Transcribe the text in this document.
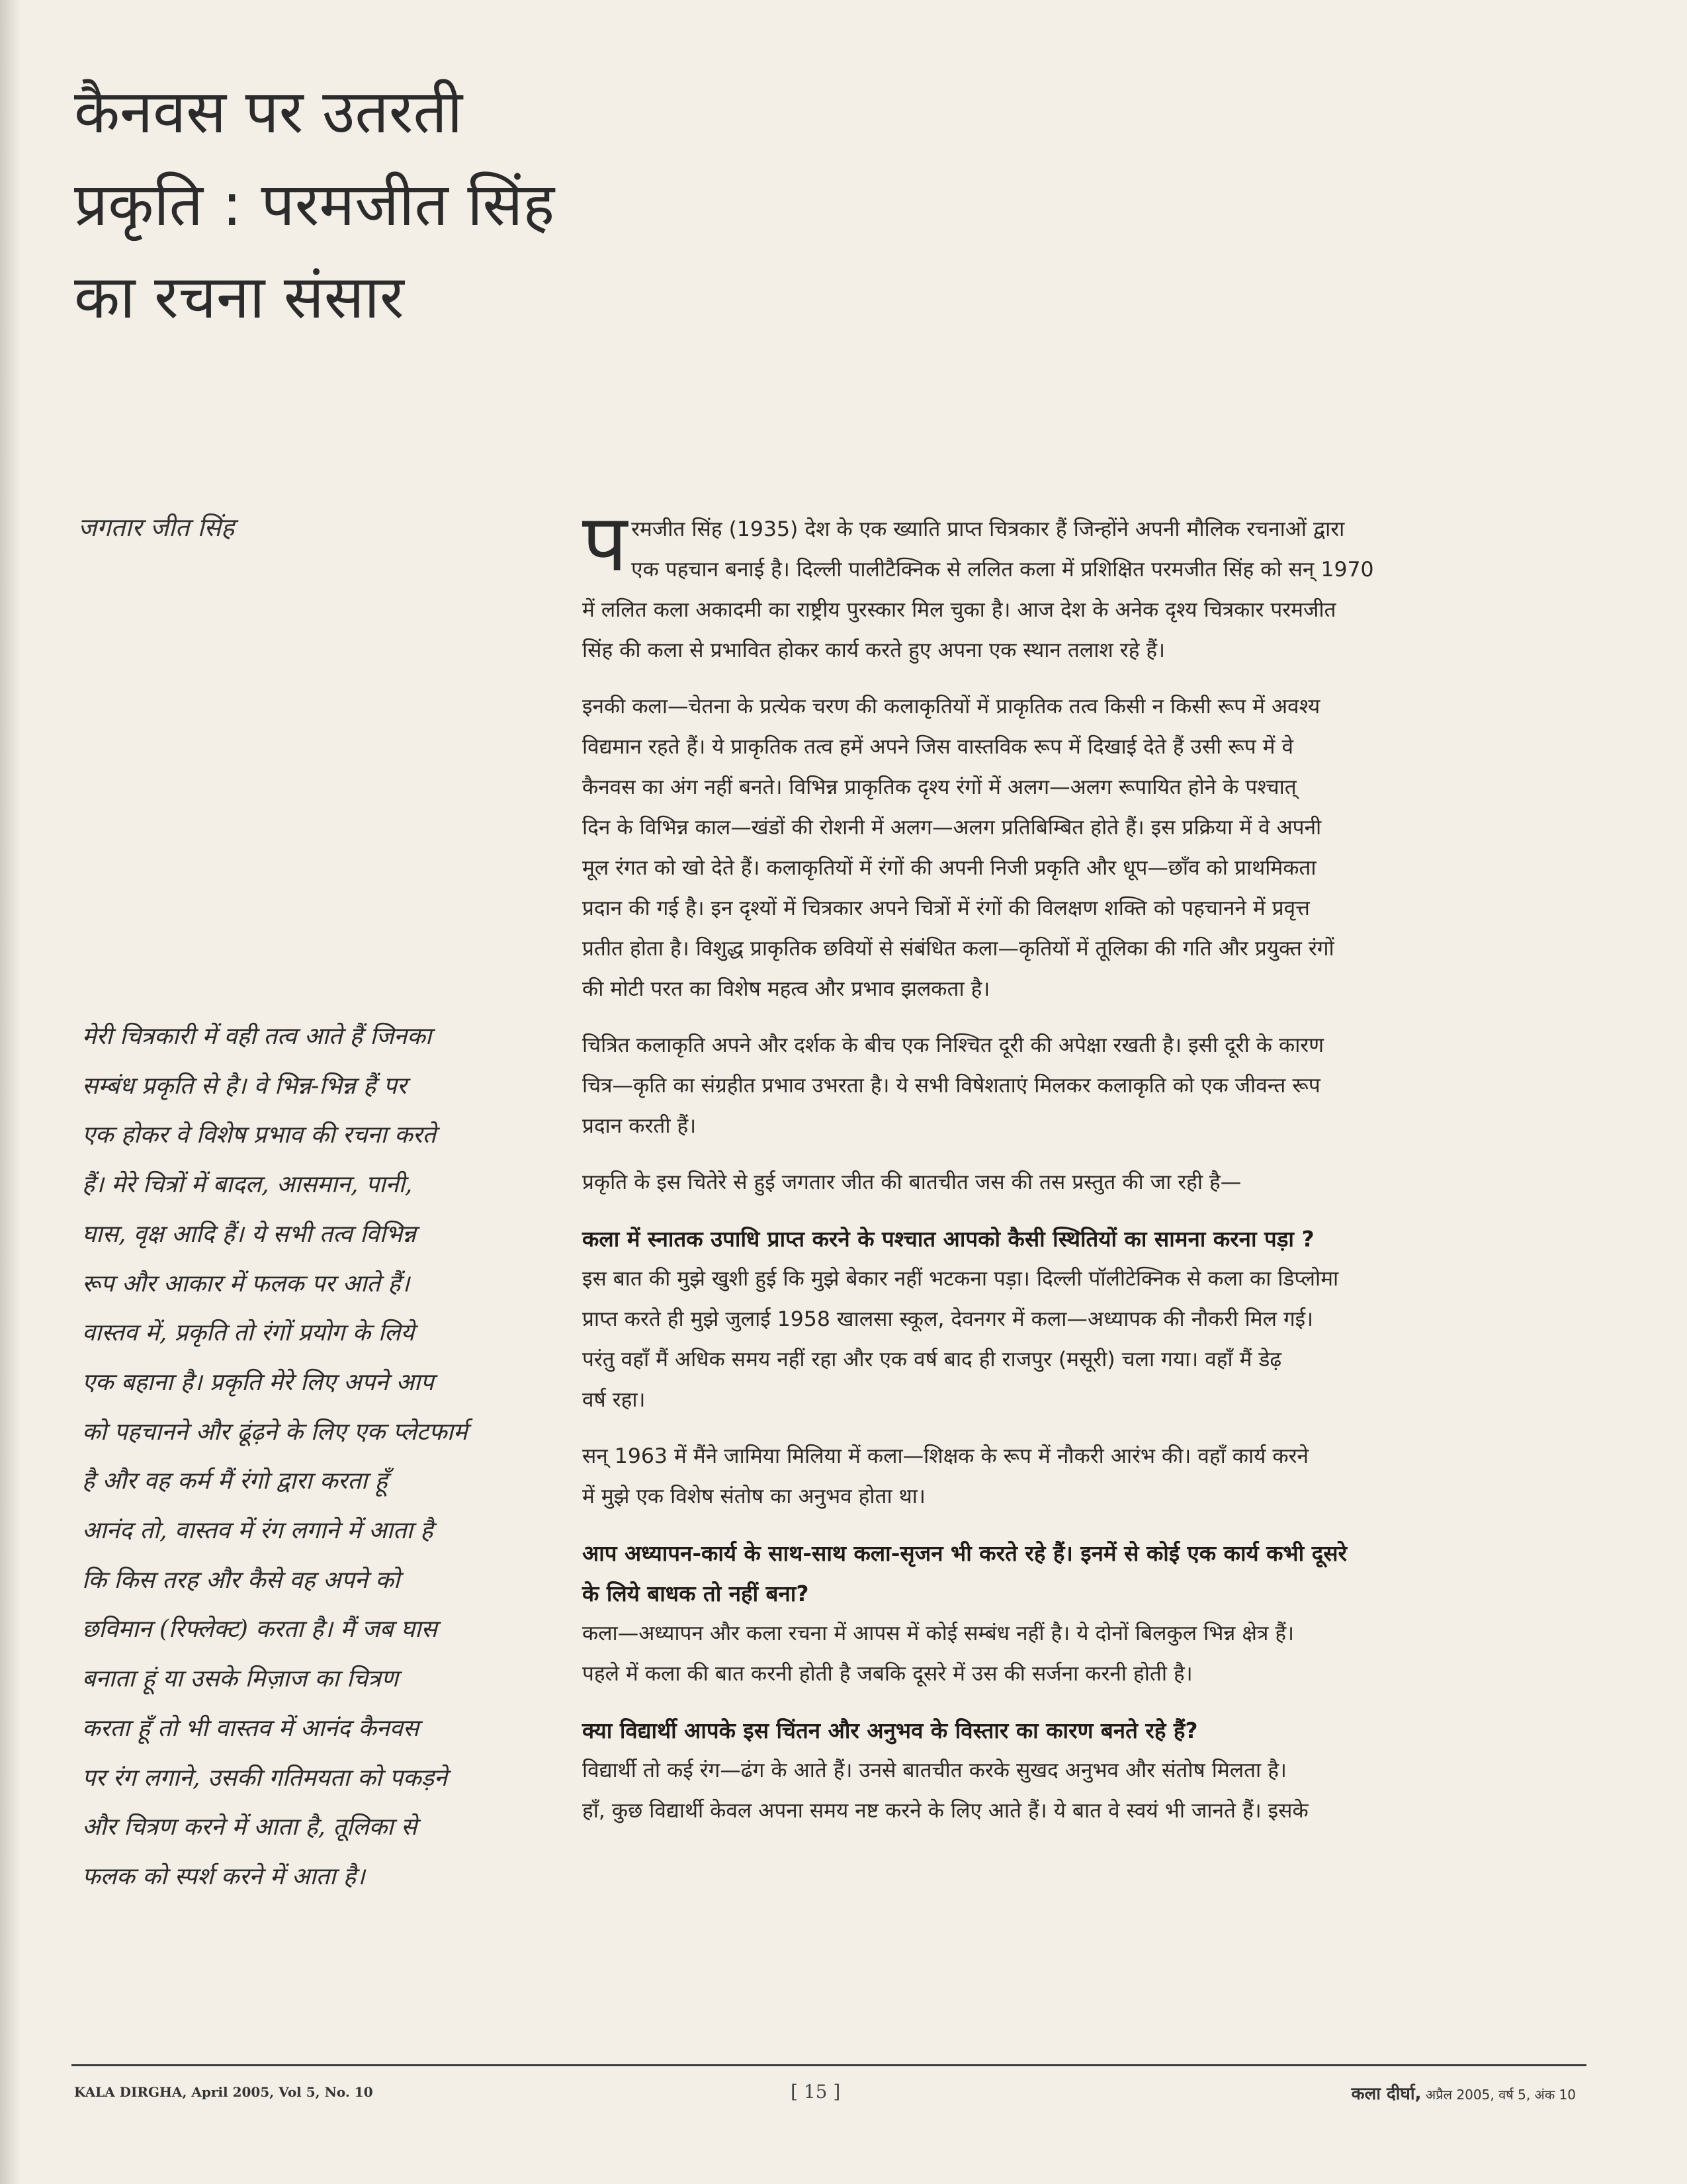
कैनवस पर उतरती
प्रकृति : परमजीत सिंह
का रचना संसार
जगतार जीत सिंह
मेरी चित्रकारी में वही तत्व आते हैं जिनका
सम्बंध प्रकृति से है। वे भिन्न-भिन्न हैं पर
एक होकर वे विशेष प्रभाव की रचना करते
हैं। मेरे चित्रों में बादल, आसमान, पानी,
घास, वृक्ष आदि हैं। ये सभी तत्व विभिन्न
रूप और आकार में फलक पर आते हैं।
वास्तव में, प्रकृति तो रंगों प्रयोग के लिये
एक बहाना है। प्रकृति मेरे लिए अपने आप
को पहचानने और ढूंढ़ने के लिए एक प्लेटफार्म
है और वह कर्म मैं रंगो द्वारा करता हूँ
आनंद तो, वास्तव में रंग लगाने में आता है
कि किस तरह और कैसे वह अपने को
छविमान (रिफ्लेक्ट) करता है। मैं जब घास
बनाता हूं या उसके मिज़ाज का चित्रण
करता हूँ तो भी वास्तव में आनंद कैनवस
पर रंग लगाने, उसकी गतिमयता को पकड़ने
और चित्रण करने में आता है, तूलिका से
फलक को स्पर्श करने में आता है।
प रमजीत सिंह (1935) देश के एक ख्याति प्राप्त चित्रकार हैं जिन्होंने अपनी मौलिक रचनाओं द्वारा
एक पहचान बनाई है। दिल्ली पालीटैक्निक से ललित कला में प्रशिक्षित परमजीत सिंह को सन् 1970
में ललित कला अकादमी का राष्ट्रीय पुरस्कार मिल चुका है। आज देश के अनेक दृश्य चित्रकार परमजीत
सिंह की कला से प्रभावित होकर कार्य करते हुए अपना एक स्थान तलाश रहे हैं।
इनकी कला—चेतना के प्रत्येक चरण की कलाकृतियों में प्राकृतिक तत्व किसी न किसी रूप में अवश्य
विद्यमान रहते हैं। ये प्राकृतिक तत्व हमें अपने जिस वास्तविक रूप में दिखाई देते हैं उसी रूप में वे
कैनवस का अंग नहीं बनते। विभिन्न प्राकृतिक दृश्य रंगों में अलग—अलग रूपायित होने के पश्चात्
दिन के विभिन्न काल—खंडों की रोशनी में अलग—अलग प्रतिबिम्बित होते हैं। इस प्रक्रिया में वे अपनी
मूल रंगत को खो देते हैं। कलाकृतियों में रंगों की अपनी निजी प्रकृति और धूप—छाँव को प्राथमिकता
प्रदान की गई है। इन दृश्यों में चित्रकार अपने चित्रों में रंगों की विलक्षण शक्ति को पहचानने में प्रवृत्त
प्रतीत होता है। विशुद्ध प्राकृतिक छवियों से संबंधित कला—कृतियों में तूलिका की गति और प्रयुक्त रंगों
की मोटी परत का विशेष महत्व और प्रभाव झलकता है।
चित्रित कलाकृति अपने और दर्शक के बीच एक निश्चित दूरी की अपेक्षा रखती है। इसी दूरी के कारण
चित्र—कृति का संग्रहीत प्रभाव उभरता है। ये सभी विषेशताएं मिलकर कलाकृति को एक जीवन्त रूप
प्रदान करती हैं।
प्रकृति के इस चितेरे से हुई जगतार जीत की बातचीत जस की तस प्रस्तुत की जा रही है—
कला में स्नातक उपाधि प्राप्त करने के पश्चात आपको कैसी स्थितियों का सामना करना पड़ा ?
इस बात की मुझे खुशी हुई कि मुझे बेकार नहीं भटकना पड़ा। दिल्ली पॉलीटेक्निक से कला का डिप्लोमा
प्राप्त करते ही मुझे जुलाई 1958 खालसा स्कूल, देवनगर में कला—अध्यापक की नौकरी मिल गई।
परंतु वहाँ मैं अधिक समय नहीं रहा और एक वर्ष बाद ही राजपुर (मसूरी) चला गया। वहाँ मैं डेढ़
वर्ष रहा।
सन् 1963 में मैंने जामिया मिलिया में कला—शिक्षक के रूप में नौकरी आरंभ की। वहाँ कार्य करने
में मुझे एक विशेष संतोष का अनुभव होता था।
आप अध्यापन-कार्य के साथ-साथ कला-सृजन भी करते रहे हैं। इनमें से कोई एक कार्य कभी दूसरे
के लिये बाधक तो नहीं बना?
कला—अध्यापन और कला रचना में आपस में कोई सम्बंध नहीं है। ये दोनों बिलकुल भिन्न क्षेत्र हैं।
पहले में कला की बात करनी होती है जबकि दूसरे में उस की सर्जना करनी होती है।
क्या विद्यार्थी आपके इस चिंतन और अनुभव के विस्तार का कारण बनते रहे हैं?
विद्यार्थी तो कई रंग—ढंग के आते हैं। उनसे बातचीत करके सुखद अनुभव और संतोष मिलता है।
हाँ, कुछ विद्यार्थी केवल अपना समय नष्ट करने के लिए आते हैं। ये बात वे स्वयं भी जानते हैं। इसके
KALA DIRGHA, April 2005, Vol 5, No. 10	[ 15 ]	कला दीर्घा, अप्रैल 2005, वर्ष 5, अंक 10
